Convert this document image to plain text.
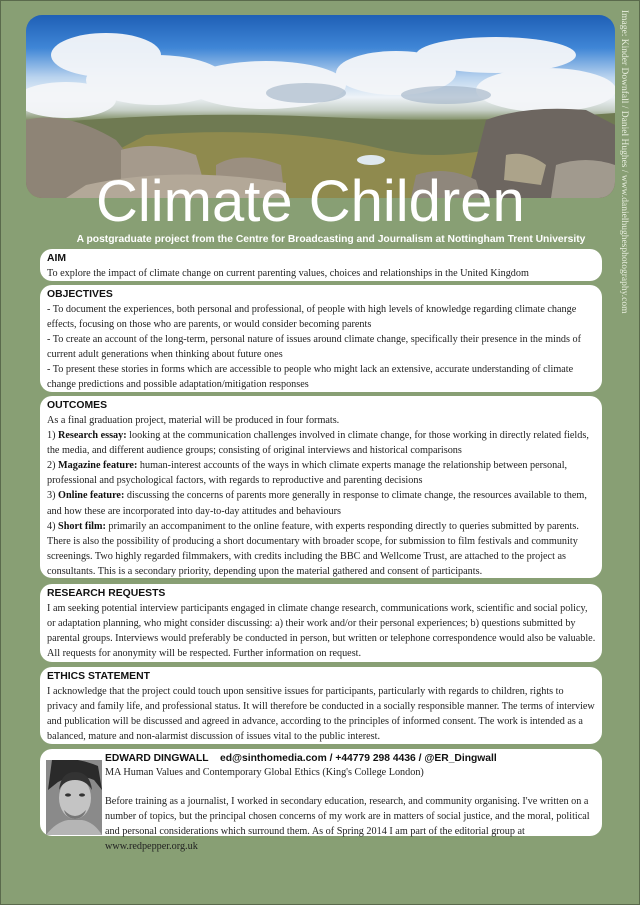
Image: Kinder Downfall / Daniel Hughes / www.danielhughesphotography.com
Climate Children
A postgraduate project from the Centre for Broadcasting and Journalism at Nottingham Trent University
AIM

To explore the impact of climate change on current parenting values, choices and relationships in the United Kingdom

OBJECTIVES

- To document the experiences, both personal and professional, of people with high levels of knowledge regarding climate change effects, focusing on those who are parents, or would consider becoming parents

- To create an account of the long-term, personal nature of issues around climate change, specifically their presence in the minds of current adult generations when thinking about future ones

- To present these stories in forms which are accessible to people who might lack an extensive, accurate understanding of climate change predictions and possible adaptation/mitigation responses

OUTCOMES

As a final graduation project, material will be produced in four formats.

1) Research essay: looking at the communication challenges involved in climate change, for those working in directly related fields, the media, and different audience groups; consisting of original interviews and historical comparisons

2) Magazine feature: human-interest accounts of the ways in which climate experts manage the relationship between personal, professional and psychological factors, with regards to reproductive and parenting decisions

3) Online feature: discussing the concerns of parents more generally in response to climate change, the resources available to them, and how these are incorporated into day-to-day attitudes and behaviours

4) Short film: primarily an accompaniment to the online feature, with experts responding directly to queries submitted by parents. There is also the possibility of producing a short documentary with broader scope, for submission to film festivals and community screenings. Two highly regarded filmmakers, with credits including the BBC and Wellcome Trust, are attached to the project as consultants. This is a secondary priority, depending upon the material gathered and consent of participants.

RESEARCH REQUESTS

I am seeking potential interview participants engaged in climate change research, communications work, scientific and social policy, or adaptation planning, who might consider discussing: a) their work and/or their personal experiences; b) questions submitted by parental groups. Interviews would preferably be conducted in person, but written or telephone correspondence would also be valuable. All requests for anonymity will be respected. Further information on request.

ETHICS STATEMENT

I acknowledge that the project could touch upon sensitive issues for participants, particularly with regards to children, rights to privacy and family life, and professional status. It will therefore be conducted in a socially responsible manner. The terms of interview and publication will be discussed and agreed in advance, according to the principles of informed consent. The work is intended as a balanced, mature and non-alarmist discussion of issues vital to the public interest.

EDWARD DINGWALL ed@sinthomedia.com / +44779 298 4436 / @ER_Dingwall

MA Human Values and Contemporary Global Ethics (King's College London)

Before training as a journalist, I worked in secondary education, research, and community organising. I've written on a number of topics, but the principal chosen concerns of my work are in matters of social justice, and the moral, political and personal considerations which surround them. As of Spring 2014 I am part of the editorial group at www.redpepper.org.uk
